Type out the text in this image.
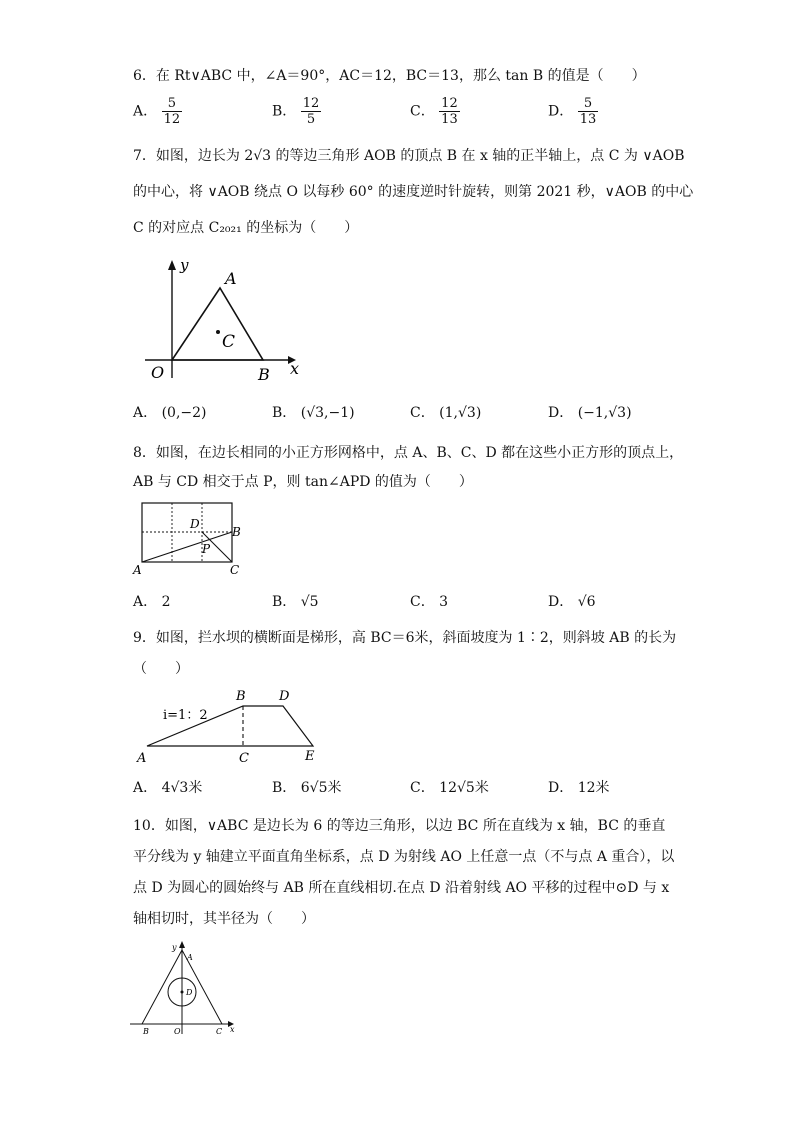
6．在 Rt∨ABC 中，∠A＝90°，AC＝12，BC＝13，那么 tan B 的值是（　　）
A． $\frac{5}{12}$	B． $\frac{12}{5}$	C． $\frac{12}{13}$	D． $\frac{5}{13}$
7．如图，边长为 2√3 的等边三角形 AOB 的顶点 B 在 x 轴的正半轴上，点 C 为 ∨AOB
的中心，将 ∨AOB 绕点 O 以每秒 60° 的速度逆时针旋转，则第 2021 秒，∨AOB 的中心
C 的对应点 C₂₀₂₁ 的坐标为（　　）
y
x
O
A
B
C
A． (0,−2)	B． (√3,−1)	C． (1,√3)	D． (−1,√3)
8．如图，在边长相同的小正方形网格中，点 A、B、C、D 都在这些小正方形的顶点上，
AB 与 CD 相交于点 P，则 tan∠APD 的值为（　　）
A
B
C
D
P
A． 2	B． √5	C． 3	D． √6
9．如图，拦水坝的横断面是梯形，高 BC＝6米，斜面坡度为 1∶2，则斜坡 AB 的长为
（　　）
i=1：2
A
B
C
D
E
A． 4√3米	B． 6√5米	C． 12√5米	D． 12米
10．如图，∨ABC 是边长为 6 的等边三角形，以边 BC 所在直线为 x 轴，BC 的垂直
平分线为 y 轴建立平面直角坐标系，点 D 为射线 AO 上任意一点（不与点 A 重合），以
点 D 为圆心的圆始终与 AB 所在直线相切.在点 D 沿着射线 AO 平移的过程中⊙D 与 x
轴相切时，其半径为（　　）
y
x
A
B	C
D
O
